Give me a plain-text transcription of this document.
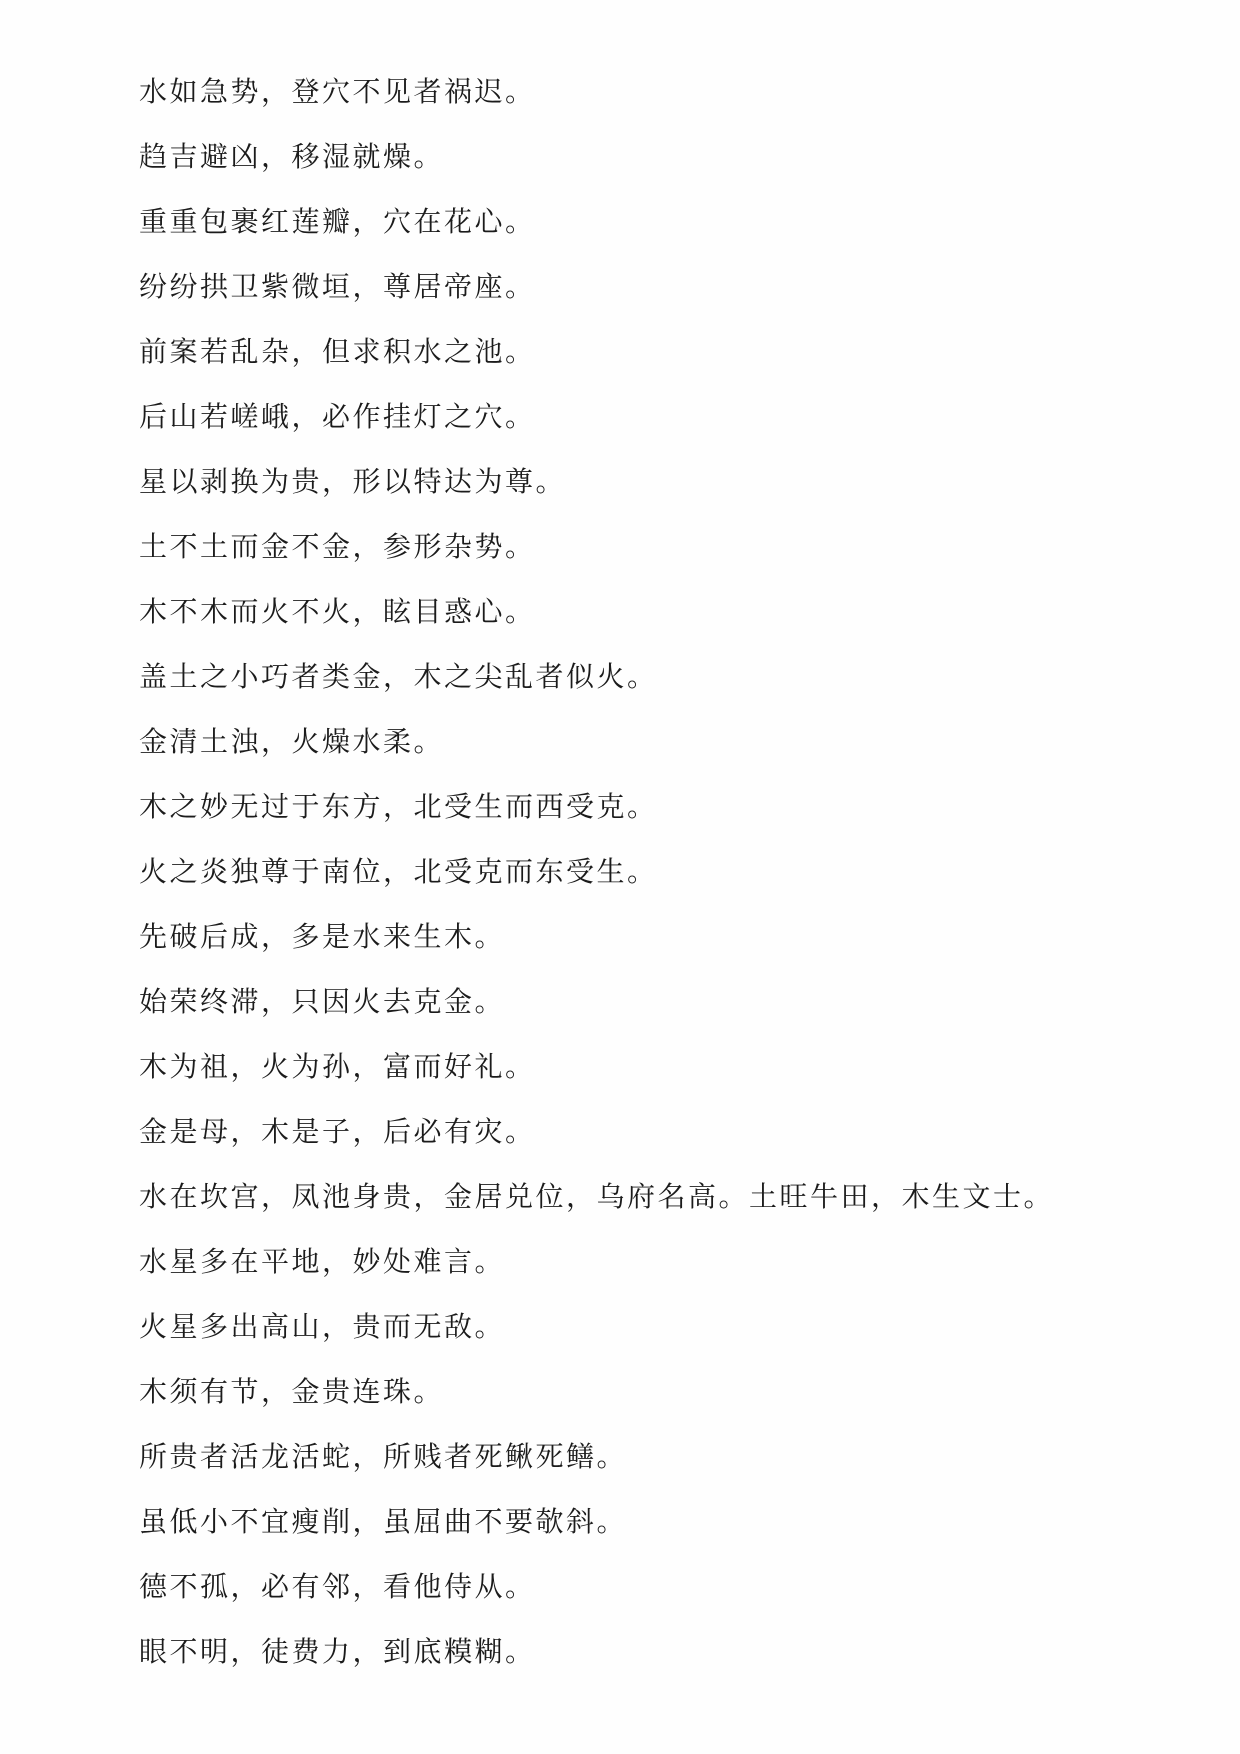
水如急势，登穴不见者祸迟。

趋吉避凶，移湿就燥。

重重包裹红莲瓣，穴在花心。

纷纷拱卫紫微垣，尊居帝座。

前案若乱杂，但求积水之池。

后山若嵯峨，必作挂灯之穴。

星以剥换为贵，形以特达为尊。

土不土而金不金，参形杂势。

木不木而火不火，眩目惑心。

盖土之小巧者类金，木之尖乱者似火。

金清土浊，火燥水柔。

木之妙无过于东方，北受生而西受克。

火之炎独尊于南位，北受克而东受生。

先破后成，多是水来生木。

始荣终滞，只因火去克金。

木为祖，火为孙，富而好礼。

金是母，木是子，后必有灾。

水在坎宫，凤池身贵，金居兑位，乌府名高。土旺牛田，木生文士。

水星多在平地，妙处难言。

火星多出高山，贵而无敌。

木须有节，金贵连珠。

所贵者活龙活蛇，所贱者死鳅死鳝。

虽低小不宜瘦削，虽屈曲不要欹斜。

德不孤，必有邻，看他侍从。

眼不明，徒费力，到底糢糊。
